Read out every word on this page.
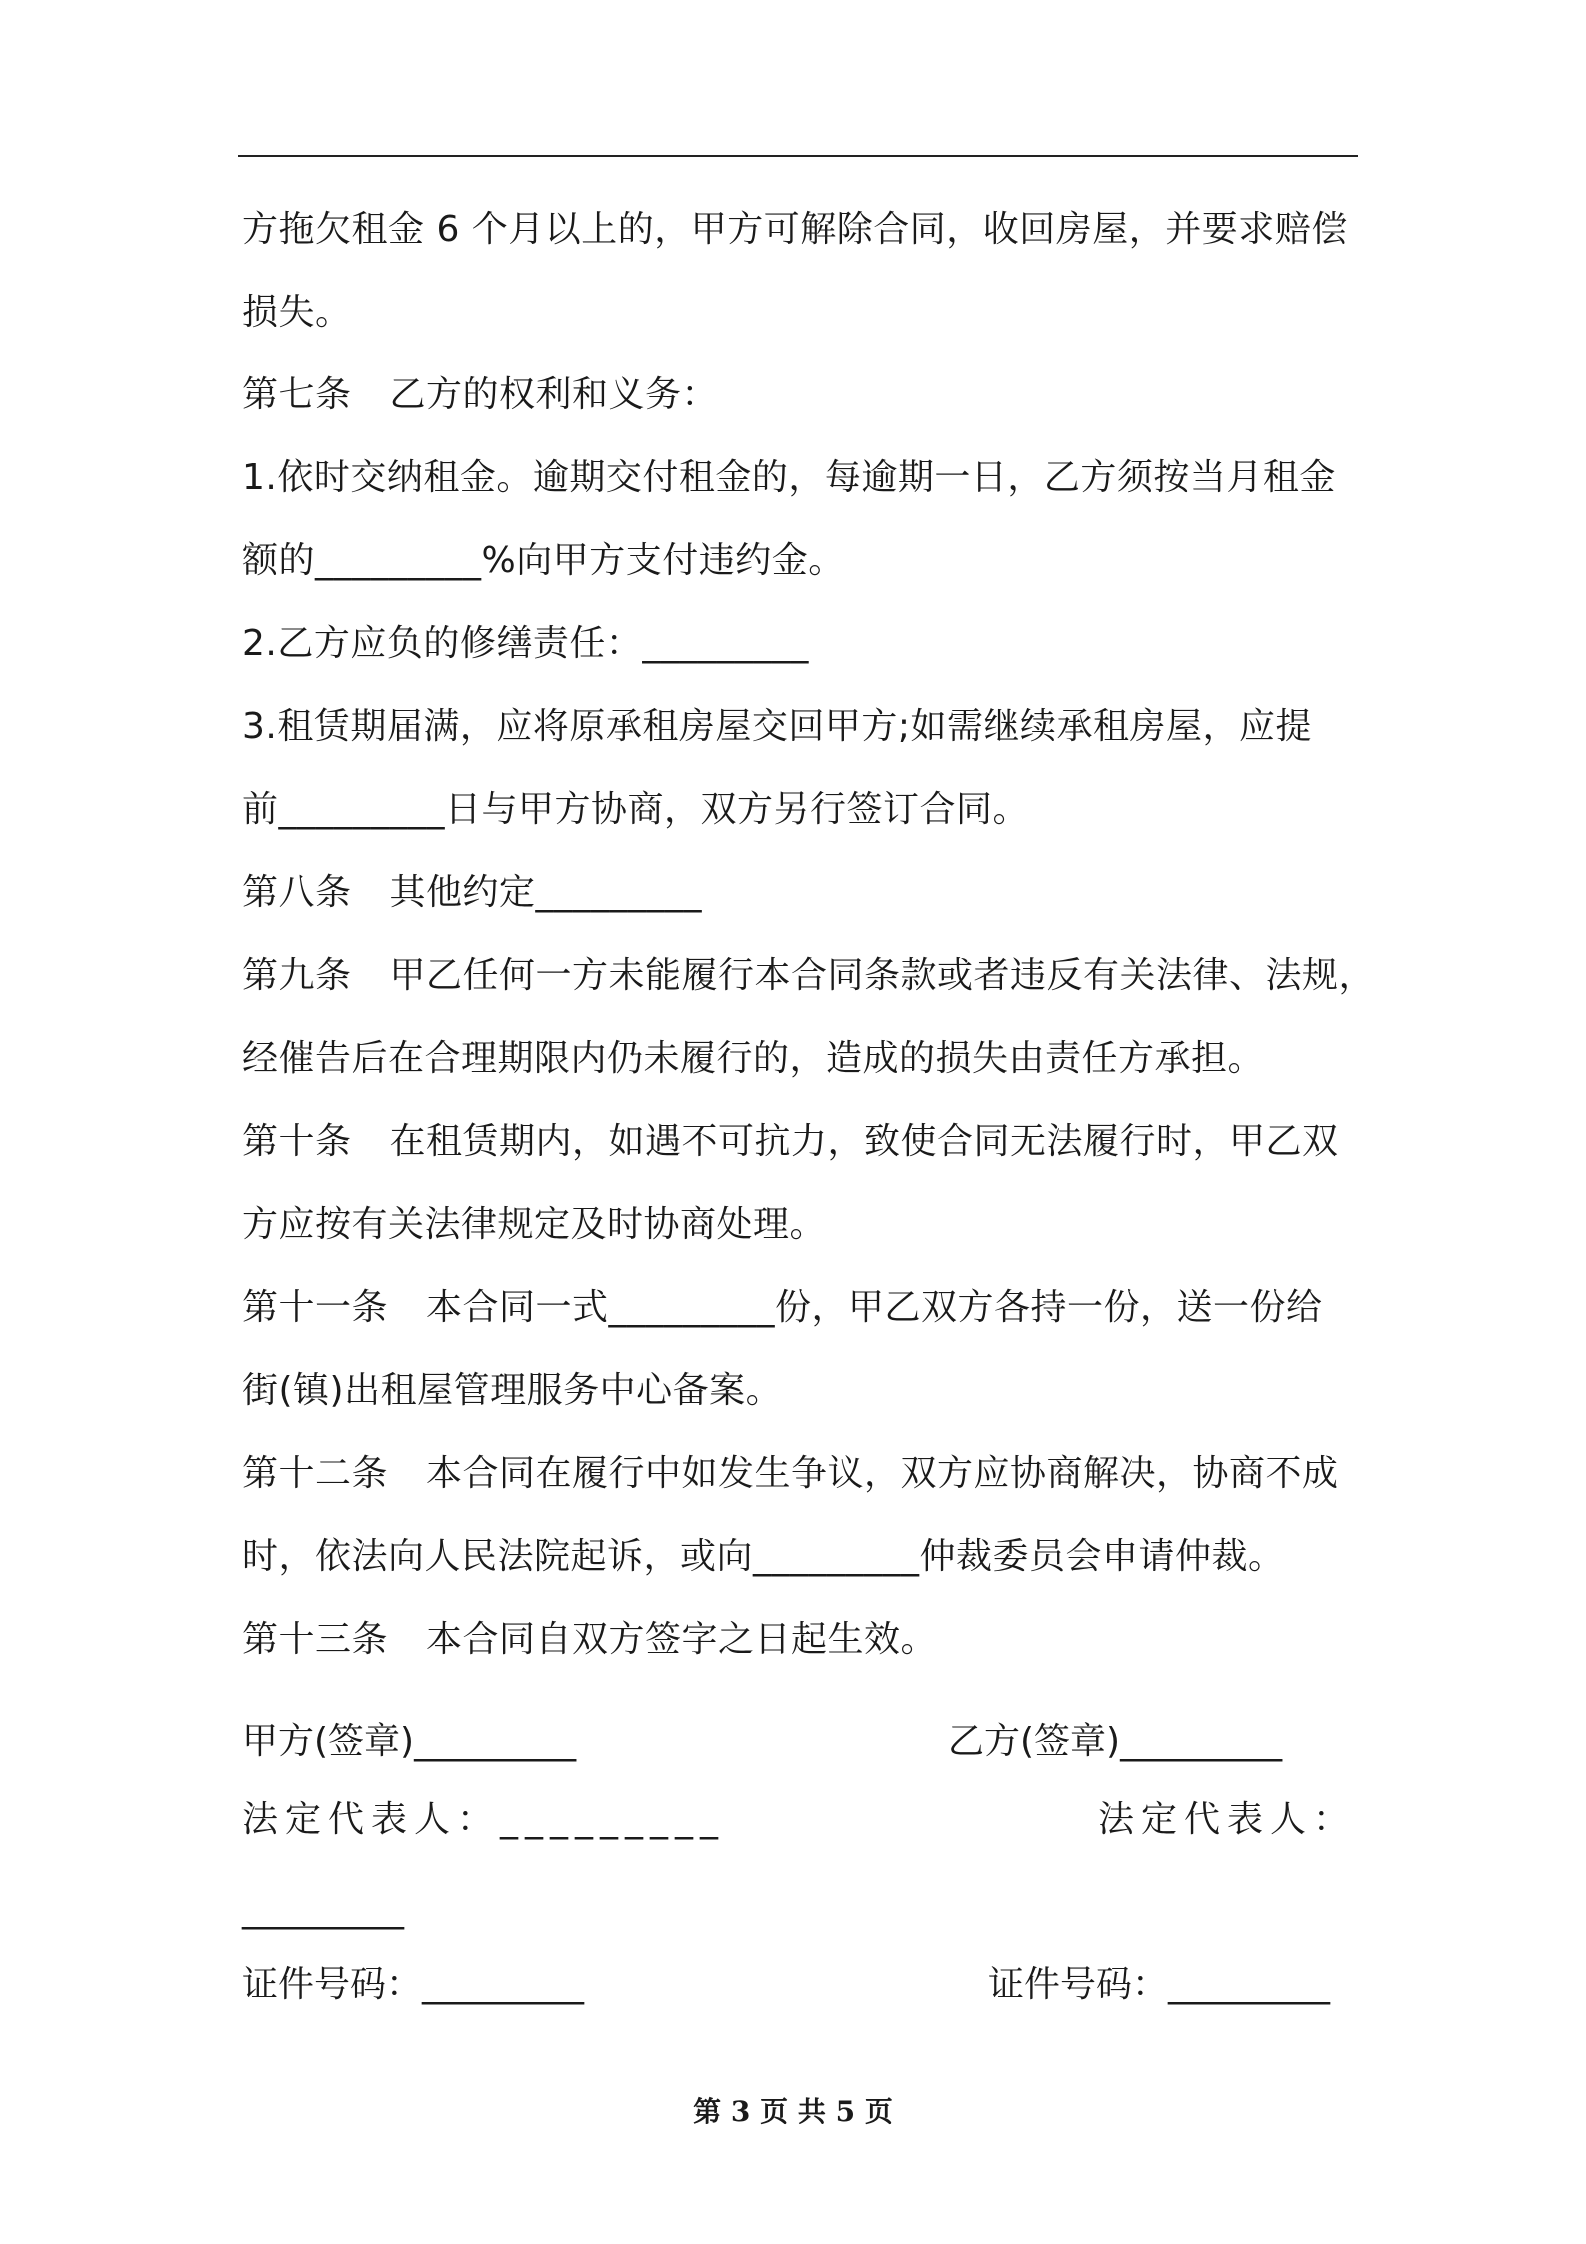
方拖欠租金 6 个月以上的，甲方可解除合同，收回房屋，并要求赔偿
损失。
第七条 乙方的权利和义务：
1.依时交纳租金。逾期交付租金的，每逾期一日，乙方须按当月租金
额的_________%向甲方支付违约金。
2.乙方应负的修缮责任：_________
3.租赁期届满，应将原承租房屋交回甲方;如需继续承租房屋，应提
前_________日与甲方协商，双方另行签订合同。
第八条 其他约定_________
第九条 甲乙任何一方未能履行本合同条款或者违反有关法律、法规，
经催告后在合理期限内仍未履行的，造成的损失由责任方承担。
第十条 在租赁期内，如遇不可抗力，致使合同无法履行时，甲乙双
方应按有关法律规定及时协商处理。
第十一条 本合同一式_________份，甲乙双方各持一份，送一份给
街(镇)出租屋管理服务中心备案。
第十二条 本合同在履行中如发生争议，双方应协商解决，协商不成
时，依法向人民法院起诉，或向_________仲裁委员会申请仲裁。
第十三条 本合同自双方签字之日起生效。
甲方(签章)_________	乙方(签章)_________
法定代表人：_________	法定代表人：
_________
证件号码：_________	证件号码：_________
第 3 页 共 5 页
